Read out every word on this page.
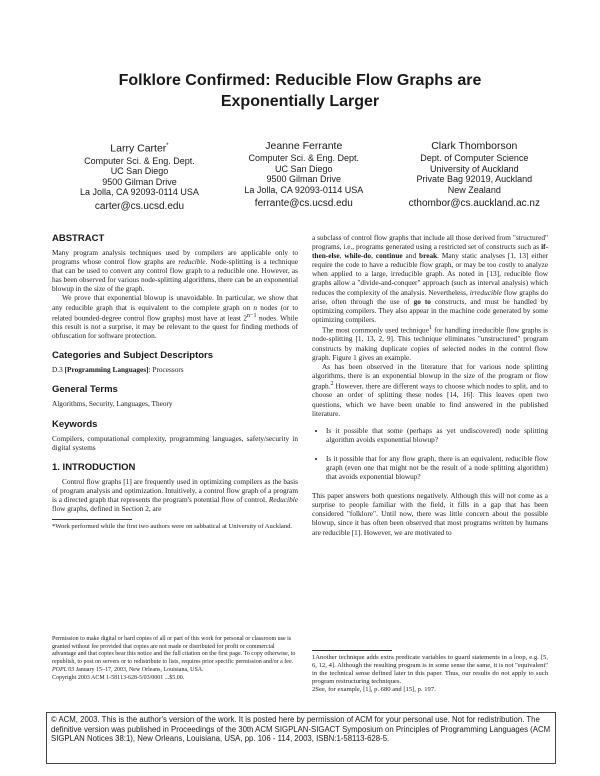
Folklore Confirmed: Reducible Flow Graphs are
Exponentially Larger
Larry Carter*
Computer Sci. & Eng. Dept.
UC San Diego
9500 Gilman Drive
La Jolla, CA 92093-0114 USA
carter@cs.ucsd.edu
Jeanne Ferrante
Computer Sci. & Eng. Dept.
UC San Diego
9500 Gilman Drive
La Jolla, CA 92093-0114 USA
ferrante@cs.ucsd.edu
Clark Thomborson
Dept. of Computer Science
University of Auckland
Private Bag 92019, Auckland
New Zealand
cthombor@cs.auckland.ac.nz
ABSTRACT

Many program analysis techniques used by compilers are applicable only to programs whose control flow graphs are reducible. Node-splitting is a technique that can be used to convert any control flow graph to a reducible one. However, as has been observed for various node-splitting algorithms, there can be an exponential blowup in the size of the graph.

We prove that exponential blowup is unavoidable. In particular, we show that any reducible graph that is equivalent to the complete graph on n nodes (or to related bounded-degree control flow graphs) must have at least $2^{n-1}$ nodes. While this result is not a surprise, it may be relevant to the quest for finding methods of obfuscation for software protection.

Categories and Subject Descriptors

D.3 [Programming Languages]: Processors

General Terms

Algorithms, Security, Languages, Theory

Keywords

Compilers, computational complexity, programming languages, safety/security in digital systems

1. INTRODUCTION

Control flow graphs [1] are frequently used in optimizing compilers as the basis of program analysis and optimization. Intuitively, a control flow graph of a program is a directed graph that represents the program's potential flow of control. Reducible flow graphs, defined in Section 2, are

*Work performed while the first two authors were on sabbatical at University of Auckland.

Permission to make digital or hard copies of all or part of this work for personal or classroom use is granted without fee provided that copies are not made or distributed for profit or commercial advantage and that copies bear this notice and the full citation on the first page. To copy otherwise, to republish, to post on servers or to redistribute to lists, requires prior specific permission and/or a fee.
POPL'03 January 15–17, 2003, New Orleans, Louisiana, USA.
Copyright 2003 ACM 1-58113-628-5/03/0001 ...$5.00.

a subclass of control flow graphs that include all those derived from "structured" programs, i.e., programs generated using a restricted set of constructs such as if-then-else, while-do, continue and break. Many static analyses [1, 13] either require the code to have a reducible flow graph, or may be too costly to analyze when applied to a large, irreducible graph. As noted in [13], reducible flow graphs allow a "divide-and-conquer" approach (such as interval analysis) which reduces the complexity of the analysis. Nevertheless, irreducible flow graphs do arise, often through the use of go to constructs, and must be handled by optimizing compilers. They also appear in the machine code generated by some optimizing compilers.

The most commonly used technique$^1$ for handling irreducible flow graphs is node-splitting [1, 13, 2, 9]. This technique eliminates "unstructured" program constructs by making duplicate copies of selected nodes in the control flow graph. Figure 1 gives an example.

As has been observed in the literature that for various node splitting algorithms, there is an exponential blowup in the size of the program or flow graph.$^2$ However, there are different ways to choose which nodes to split, and to choose an order of splitting these nodes [14, 16]. This leaves open two questions, which we have been unable to find answered in the published literature.

• Is it possible that some (perhaps as yet undiscovered) node splitting algorithm avoids exponential blowup?
• Is it possible that for any flow graph, there is an equivalent, reducible flow graph (even one that might not be the result of a node splitting algorithm) that avoids exponential blowup?

This paper answers both questions negatively. Although this will not come as a surprise to people familiar with the field, it fills in a gap that has been considered "folklore". Until now, there was little concern about the possible blowup, since it has often been observed that most programs written by humans are reducible [1]. However, we are motivated to

1Another technique adds extra predicate variables to guard statements in a loop, e.g. [5, 6, 12, 4]. Although the resulting program is in some sense the same, it is not "equivalent" in the technical sense defined later in this paper. Thus, our results do not apply to such program restructuring techniques.

2See, for example, [1], p. 680 and [15], p. 197.

© ACM, 2003. This is the author's version of the work. It is posted here by permission of ACM for your personal use. Not for redistribution. The definitive version was published in Proceedings of the 30th ACM SIGPLAN-SIGACT Symposium on Principles of Programming Languages (ACM SIGPLAN Notices 38:1), New Orleans, Louisiana, USA, pp. 106 - 114, 2003, ISBN:1-58113-628-5.
